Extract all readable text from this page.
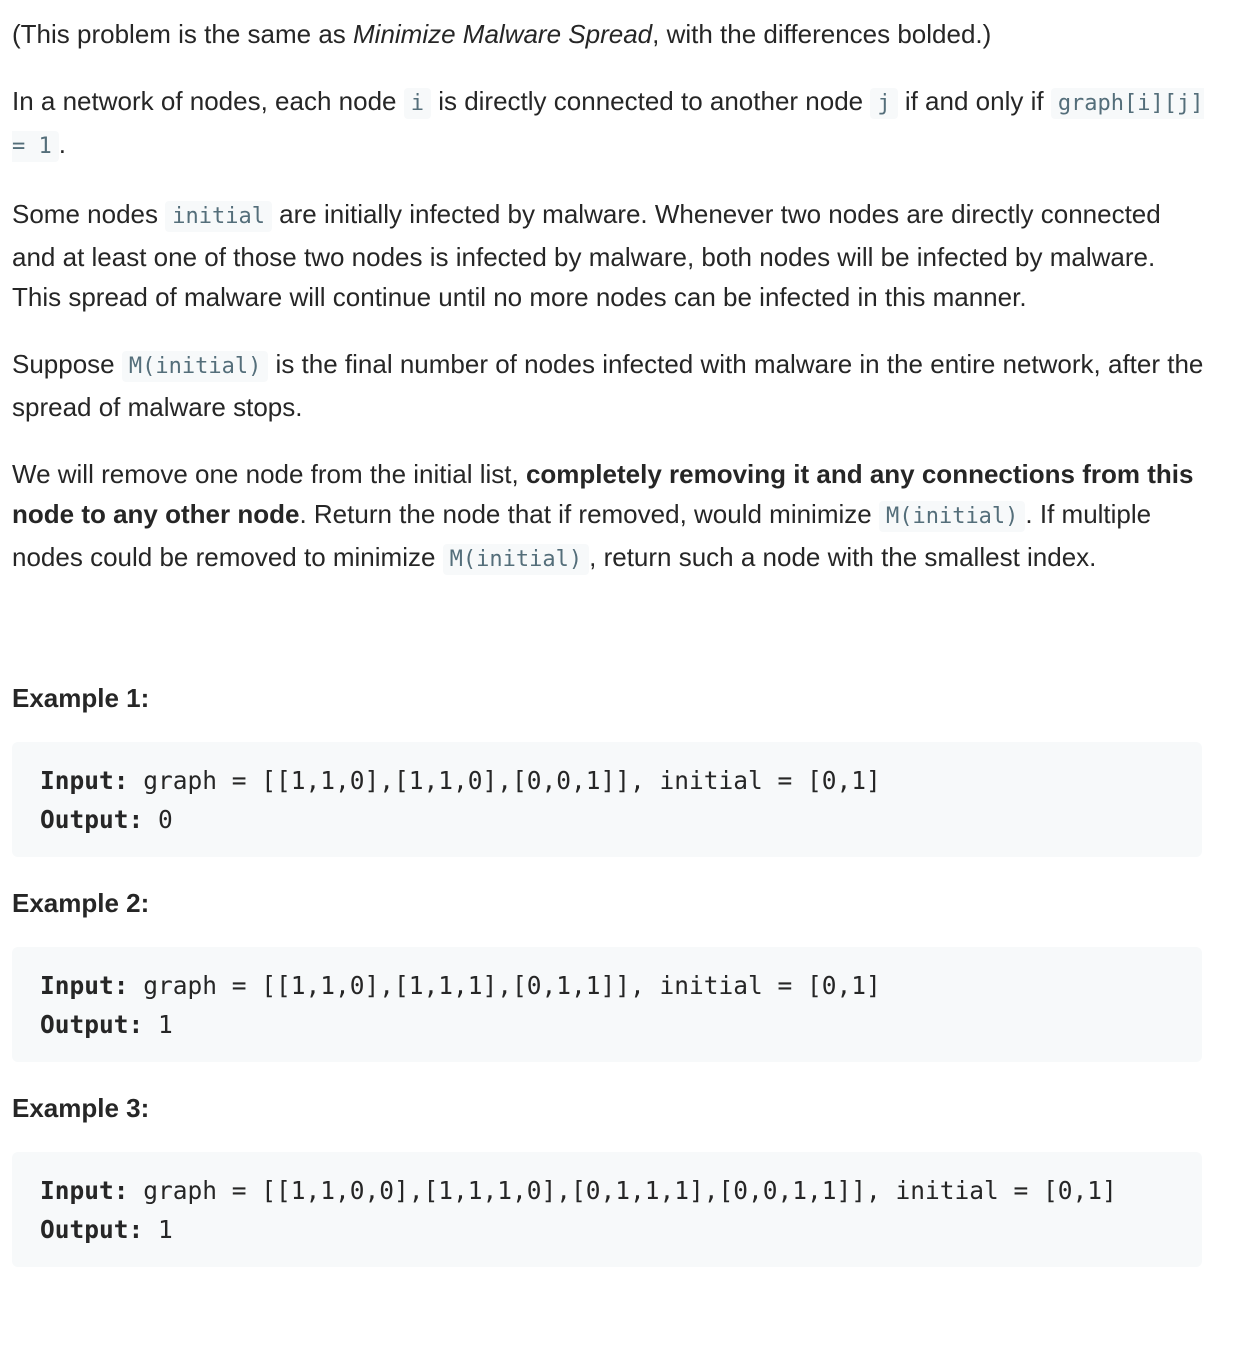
(This problem is the same as Minimize Malware Spread, with the differences bolded.)

In a network of nodes, each node i is directly connected to another node j if and only if graph[i][j] = 1 .

Some nodes initial are initially infected by malware. Whenever two nodes are directly connected and at least one of those two nodes is infected by malware, both nodes will be infected by malware. This spread of malware will continue until no more nodes can be infected in this manner.

Suppose M(initial) is the final number of nodes infected with malware in the entire network, after the spread of malware stops.

We will remove one node from the initial list, completely removing it and any connections from this node to any other node. Return the node that if removed, would minimize M(initial) . If multiple nodes could be removed to minimize M(initial) , return such a node with the smallest index.

Example 1:
Input: graph = [[1,1,0],[1,1,0],[0,0,1]], initial = [0,1]
Output: 0
Example 2:
Input: graph = [[1,1,0],[1,1,1],[0,1,1]], initial = [0,1]
Output: 1
Example 3:
Input: graph = [[1,1,0,0],[1,1,1,0],[0,1,1,1],[0,0,1,1]], initial = [0,1]
Output: 1
